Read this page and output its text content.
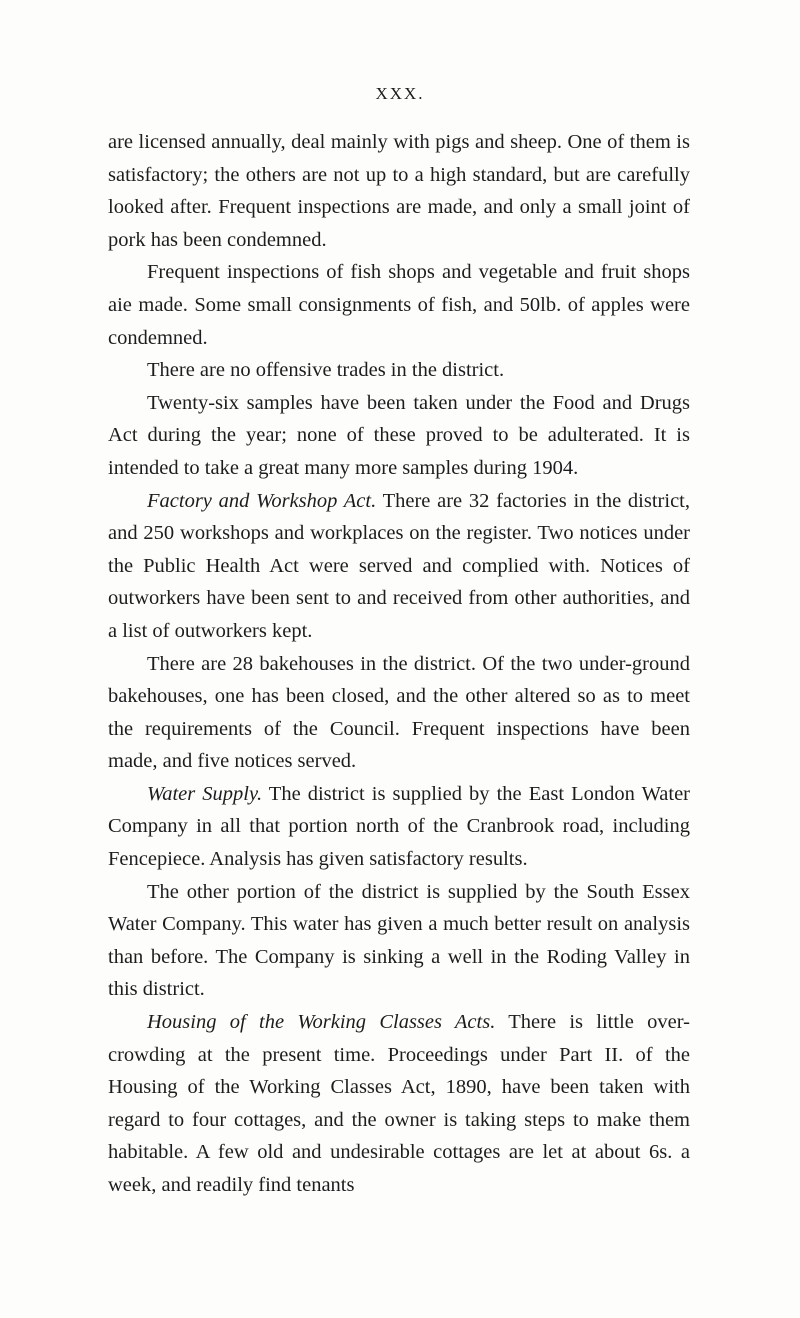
XXX.

are licensed annually, deal mainly with pigs and sheep. One of them is satisfactory; the others are not up to a high standard, but are carefully looked after. Frequent inspections are made, and only a small joint of pork has been condemned.

Frequent inspections of fish shops and vegetable and fruit shops aie made. Some small consignments of fish, and 50lb. of apples were condemned.

There are no offensive trades in the district.

Twenty-six samples have been taken under the Food and Drugs Act during the year; none of these proved to be adulterated. It is intended to take a great many more samples during 1904.

Factory and Workshop Act. There are 32 factories in the district, and 250 workshops and workplaces on the register. Two notices under the Public Health Act were served and complied with. Notices of outworkers have been sent to and received from other authorities, and a list of outworkers kept.

There are 28 bakehouses in the district. Of the two under-ground bakehouses, one has been closed, and the other altered so as to meet the requirements of the Council. Frequent inspections have been made, and five notices served.

Water Supply. The district is supplied by the East London Water Company in all that portion north of the Cranbrook road, including Fencepiece. Analysis has given satisfactory results.

The other portion of the district is supplied by the South Essex Water Company. This water has given a much better result on analysis than before. The Company is sinking a well in the Roding Valley in this district.

Housing of the Working Classes Acts. There is little over-crowding at the present time. Proceedings under Part II. of the Housing of the Working Classes Act, 1890, have been taken with regard to four cottages, and the owner is taking steps to make them habitable. A few old and undesirable cottages are let at about 6s. a week, and readily find tenants
